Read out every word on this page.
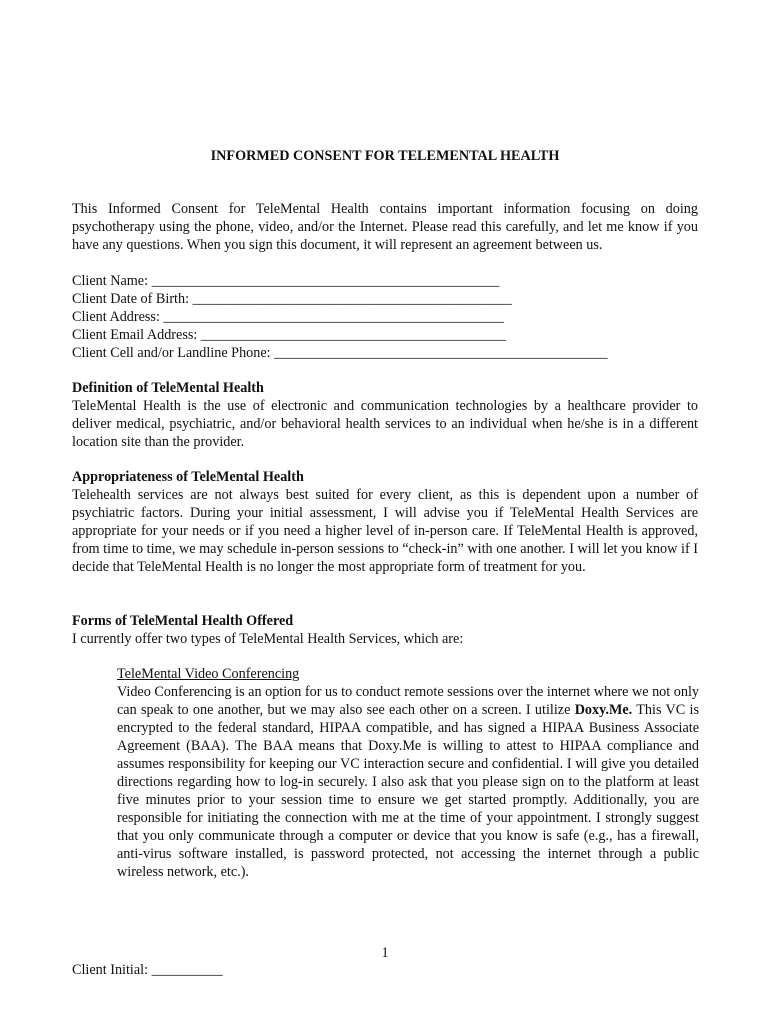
INFORMED CONSENT FOR TELEMENTAL HEALTH

This Informed Consent for TeleMental Health contains important information focusing on doing psychotherapy using the phone, video, and/or the Internet. Please read this carefully, and let me know if you have any questions. When you sign this document, it will represent an agreement between us.

Client Name: _________________________________________________
Client Date of Birth: _____________________________________________
Client Address: ________________________________________________
Client Email Address: ___________________________________________
Client Cell and/or Landline Phone: _______________________________________________

Definition of TeleMental Health

TeleMental Health is the use of electronic and communication technologies by a healthcare provider to deliver medical, psychiatric, and/or behavioral health services to an individual when he/she is in a different location site than the provider.

Appropriateness of TeleMental Health

Telehealth services are not always best suited for every client, as this is dependent upon a number of psychiatric factors. During your initial assessment, I will advise you if TeleMental Health Services are appropriate for your needs or if you need a higher level of in-person care. If TeleMental Health is approved, from time to time, we may schedule in-person sessions to “check-in” with one another. I will let you know if I decide that TeleMental Health is no longer the most appropriate form of treatment for you.

Forms of TeleMental Health Offered

I currently offer two types of TeleMental Health Services, which are:

TeleMental Video Conferencing

Video Conferencing is an option for us to conduct remote sessions over the internet where we not only can speak to one another, but we may also see each other on a screen. I utilize Doxy.Me. This VC is encrypted to the federal standard, HIPAA compatible, and has signed a HIPAA Business Associate Agreement (BAA). The BAA means that Doxy.Me is willing to attest to HIPAA compliance and assumes responsibility for keeping our VC interaction secure and confidential. I will give you detailed directions regarding how to log-in securely. I also ask that you please sign on to the platform at least five minutes prior to your session time to ensure we get started promptly. Additionally, you are responsible for initiating the connection with me at the time of your appointment. I strongly suggest that you only communicate through a computer or device that you know is safe (e.g., has a firewall, anti-virus software installed, is password protected, not accessing the internet through a public wireless network, etc.).

1
Client Initial: __________
